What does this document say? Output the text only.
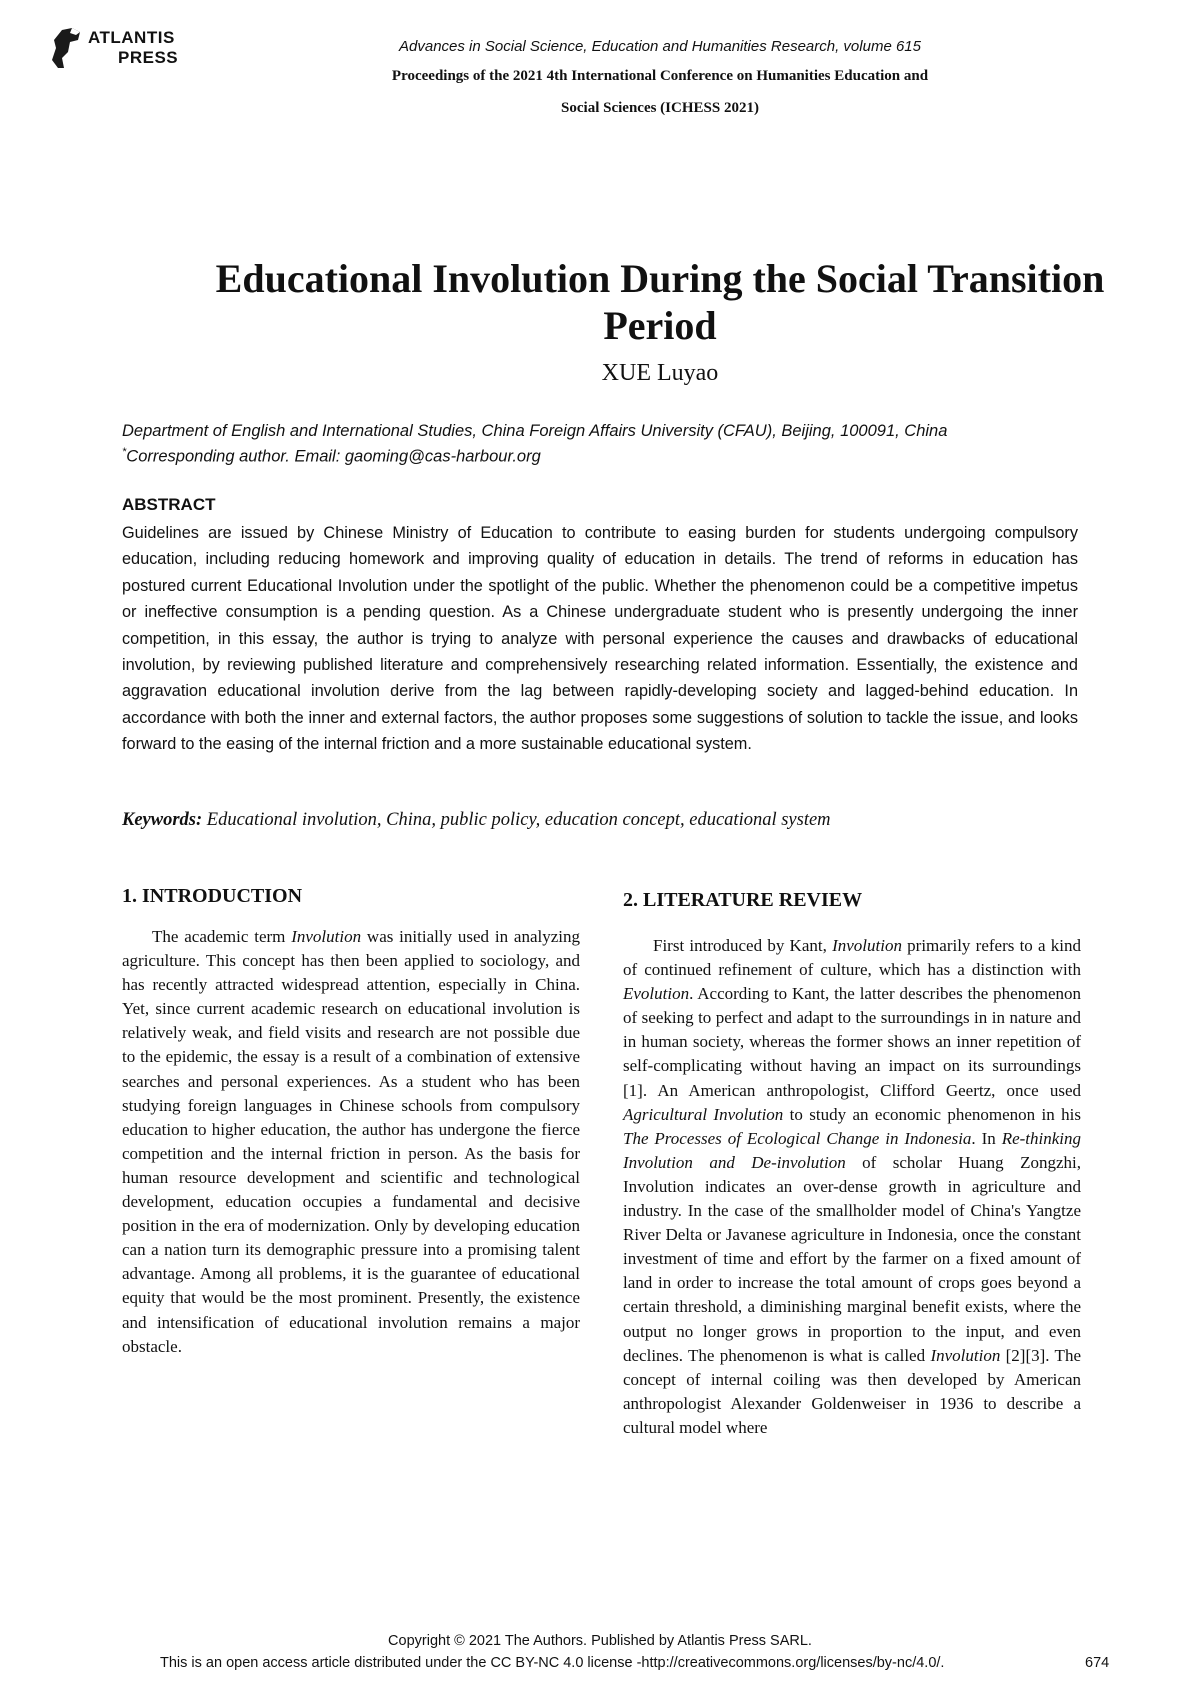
ATLANTIS
PRESS
Advances in Social Science, Education and Humanities Research, volume 615
Proceedings of the 2021 4th International Conference on Humanities Education and
Social Sciences (ICHESS 2021)
Educational Involution During the Social Transition
Period
XUE Luyao
Department of English and International Studies, China Foreign Affairs University (CFAU), Beijing, 100091, China
*Corresponding author. Email: gaoming@cas-harbour.org
ABSTRACT
Guidelines are issued by Chinese Ministry of Education to contribute to easing burden for students undergoing compulsory education, including reducing homework and improving quality of education in details. The trend of reforms in education has postured current Educational Involution under the spotlight of the public. Whether the phenomenon could be a competitive impetus or ineffective consumption is a pending question. As a Chinese undergraduate student who is presently undergoing the inner competition, in this essay, the author is trying to analyze with personal experience the causes and drawbacks of educational involution, by reviewing published literature and comprehensively researching related information. Essentially, the existence and aggravation educational involution derive from the lag between rapidly-developing society and lagged-behind education. In accordance with both the inner and external factors, the author proposes some suggestions of solution to tackle the issue, and looks forward to the easing of the internal friction and a more sustainable educational system.
Keywords: Educational involution, China, public policy, education concept, educational system
1. INTRODUCTION	2. LITERATURE REVIEW

The academic term Involution was initially used in analyzing agriculture. This concept has then been applied to sociology, and has recently attracted widespread attention, especially in China. Yet, since current academic research on educational involution is relatively weak, and field visits and research are not possible due to the epidemic, the essay is a result of a combination of extensive searches and personal experiences. As a student who has been studying foreign languages in Chinese schools from compulsory education to higher education, the author has undergone the fierce competition and the internal friction in person. As the basis for human resource development and scientific and technological development, education occupies a fundamental and decisive position in the era of modernization. Only by developing education can a nation turn its demographic pressure into a promising talent advantage. Among all problems, it is the guarantee of educational equity that would be the most prominent. Presently, the existence and intensification of educational involution remains a major obstacle.

First introduced by Kant, Involution primarily refers to a kind of continued refinement of culture, which has a distinction with Evolution. According to Kant, the latter describes the phenomenon of seeking to perfect and adapt to the surroundings in in nature and in human society, whereas the former shows an inner repetition of self-complicating without having an impact on its surroundings [1]. An American anthropologist, Clifford Geertz, once used Agricultural Involution to study an economic phenomenon in his The Processes of Ecological Change in Indonesia. In Re-thinking Involution and De-involution of scholar Huang Zongzhi, Involution indicates an over-dense growth in agriculture and industry. In the case of the smallholder model of China's Yangtze River Delta or Javanese agriculture in Indonesia, once the constant investment of time and effort by the farmer on a fixed amount of land in order to increase the total amount of crops goes beyond a certain threshold, a diminishing marginal benefit exists, where the output no longer grows in proportion to the input, and even declines. The phenomenon is what is called Involution [2][3]. The concept of internal coiling was then developed by American anthropologist Alexander Goldenweiser in 1936 to describe a cultural model where

Copyright © 2021 The Authors. Published by Atlantis Press SARL.
This is an open access article distributed under the CC BY-NC 4.0 license -http://creativecommons.org/licenses/by-nc/4.0/.	674
